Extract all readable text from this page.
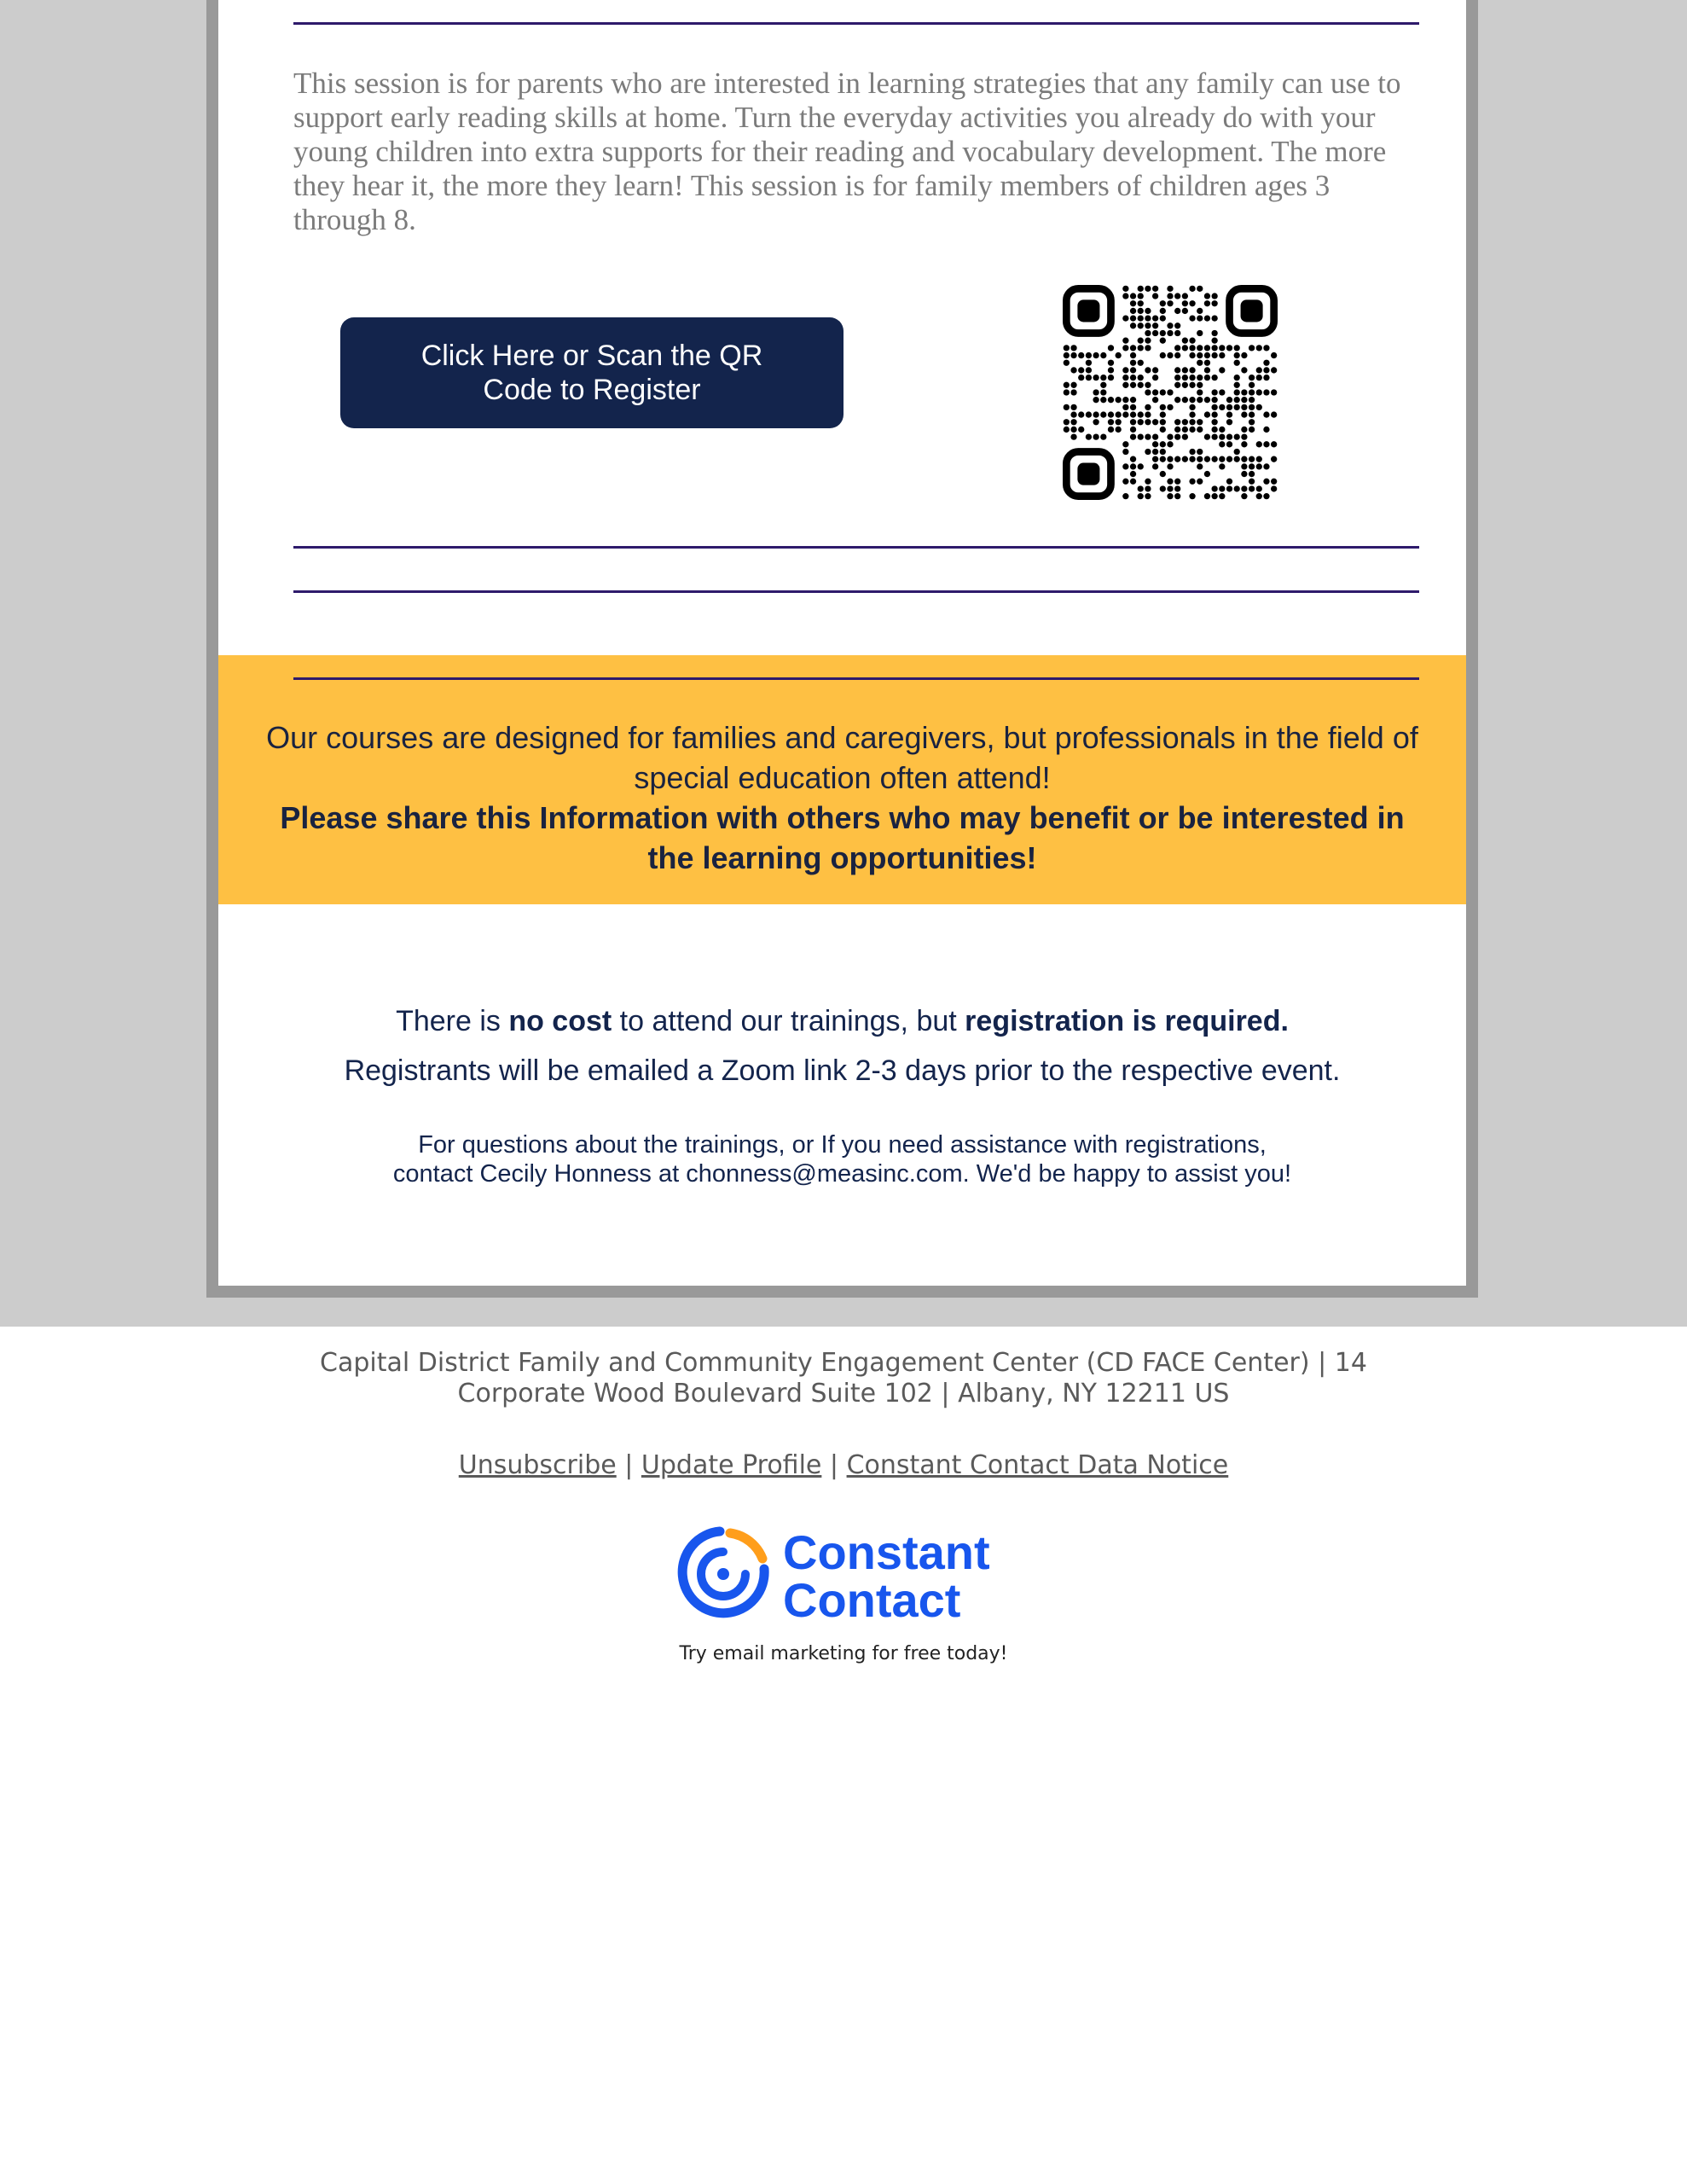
This session is for parents who are interested in learning strategies that any family can use to support early reading skills at home. Turn the everyday activities you already do with your young children into extra supports for their reading and vocabulary development. The more they hear it, the more they learn! This session is for family members of children ages 3 through 8.

Click Here or Scan the QR Code to Register

Our courses are designed for families and caregivers, but professionals in the field of special education often attend!

Please share this Information with others who may benefit or be interested in the learning opportunities!

There is no cost to attend our trainings, but registration is required.

Registrants will be emailed a Zoom link 2-3 days prior to the respective event.

For questions about the trainings, or If you need assistance with registrations,
contact Cecily Honness at chonness@measinc.com. We'd be happy to assist you!

Capital District Family and Community Engagement Center (CD FACE Center) | 14
Corporate Wood Boulevard Suite 102 | Albany, NY 12211 US

Unsubscribe | Update Profile | Constant Contact Data Notice

Constant
Contact

Try email marketing for free today!
